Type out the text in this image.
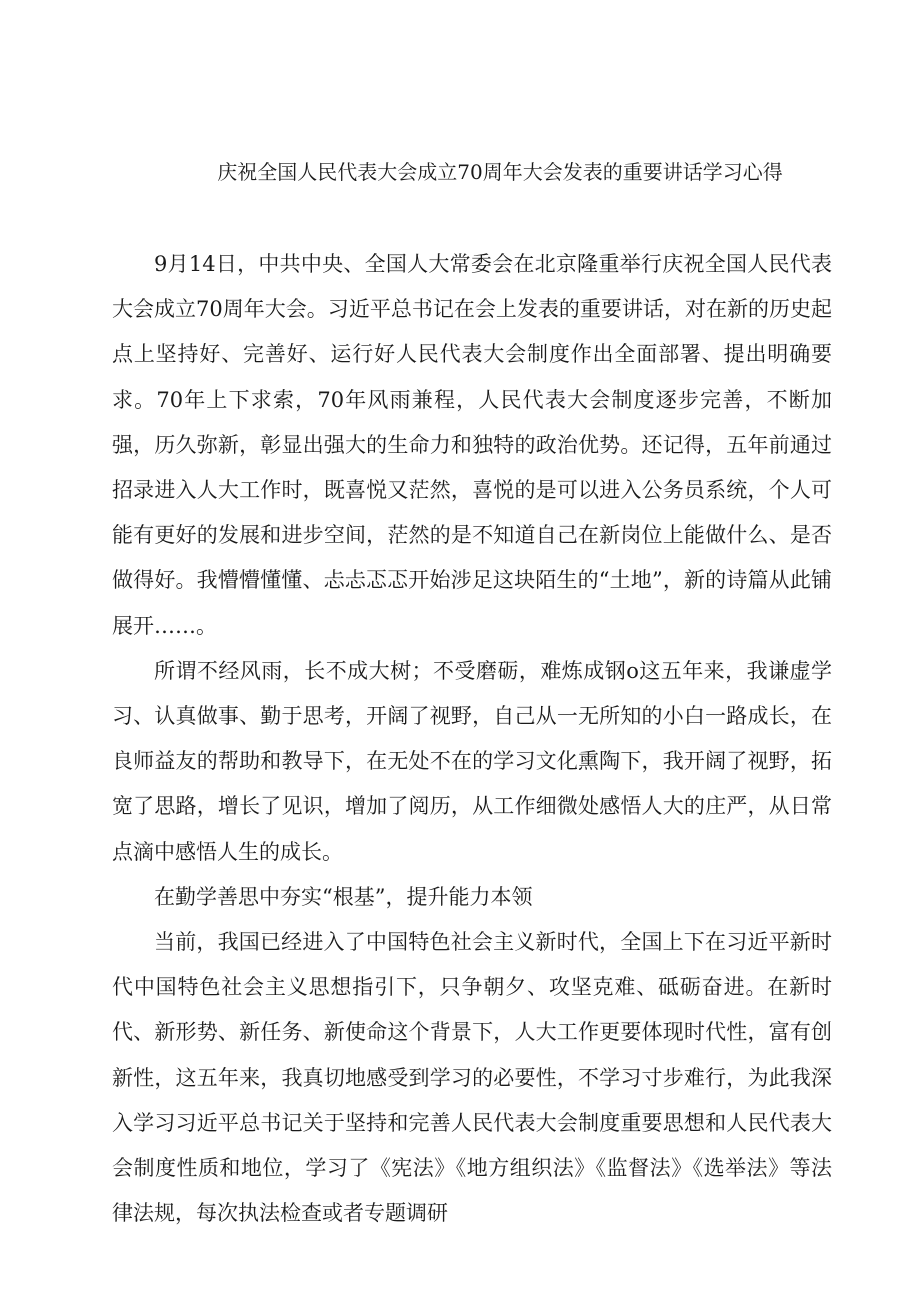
庆祝全国人民代表大会成立70周年大会发表的重要讲话学习心得

9月14日，中共中央、全国人大常委会在北京隆重举行庆祝全国人民代表大会成立70周年大会。习近平总书记在会上发表的重要讲话，对在新的历史起点上坚持好、完善好、运行好人民代表大会制度作出全面部署、提出明确要求。70年上下求索，70年风雨兼程，人民代表大会制度逐步完善，不断加强，历久弥新，彰显出强大的生命力和独特的政治优势。还记得，五年前通过招录进入人大工作时，既喜悦又茫然，喜悦的是可以进入公务员系统，个人可能有更好的发展和进步空间，茫然的是不知道自己在新岗位上能做什么、是否做得好。我懵懵懂懂、忐忐忑忑开始涉足这块陌生的“土地”，新的诗篇从此铺展开……。

所谓不经风雨，长不成大树；不受磨砺，难炼成钢o这五年来，我谦虚学习、认真做事、勤于思考，开阔了视野，自己从一无所知的小白一路成长，在良师益友的帮助和教导下，在无处不在的学习文化熏陶下，我开阔了视野，拓宽了思路，增长了见识，增加了阅历，从工作细微处感悟人大的庄严，从日常点滴中感悟人生的成长。

在勤学善思中夯实“根基”，提升能力本领

当前，我国已经进入了中国特色社会主义新时代，全国上下在习近平新时代中国特色社会主义思想指引下，只争朝夕、攻坚克难、砥砺奋进。在新时代、新形势、新任务、新使命这个背景下，人大工作更要体现时代性，富有创新性，这五年来，我真切地感受到学习的必要性，不学习寸步难行，为此我深入学习习近平总书记关于坚持和完善人民代表大会制度重要思想和人民代表大会制度性质和地位，学习了《宪法》《地方组织法》《监督法》《选举法》等法律法规，每次执法检查或者专题调研
